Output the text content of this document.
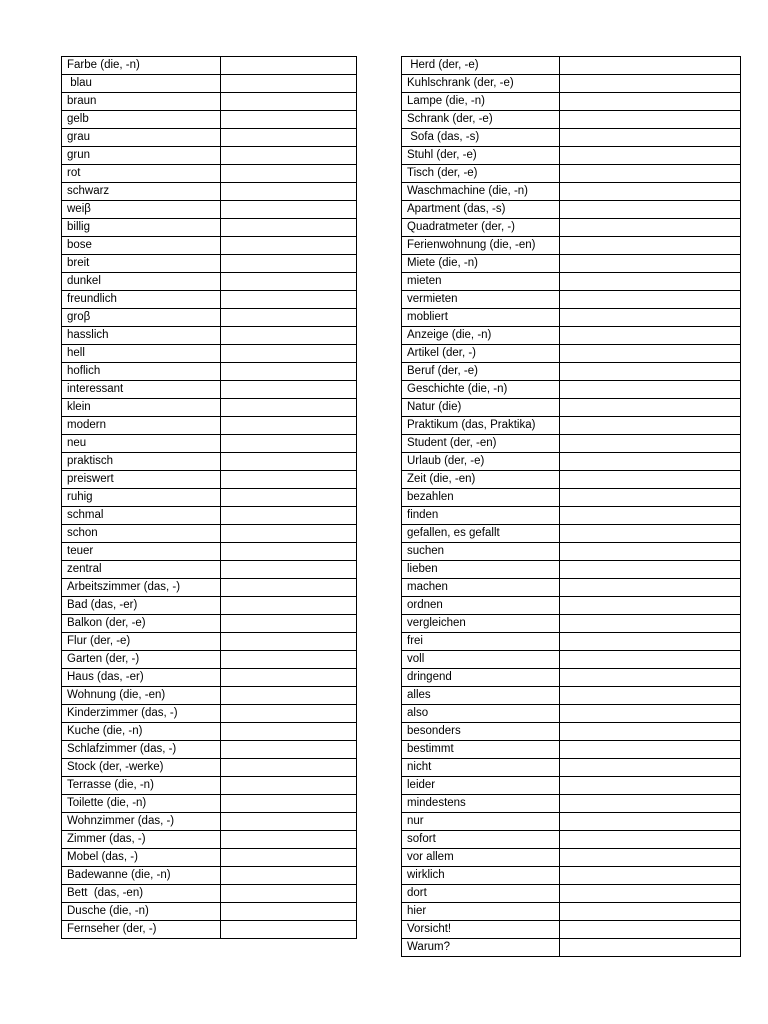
Farbe (die, -n)	
blau	
braun	
gelb	
grau	
grun	
rot	
schwarz	
weiβ	
billig	
bose	
breit	
dunkel	
freundlich	
groβ	
hasslich	
hell	
hoflich	
interessant	
klein	
modern	
neu	
praktisch	
preiswert	
ruhig	
schmal	
schon	
teuer	
zentral	
Arbeitszimmer (das, -)	
Bad (das, -er)	
Balkon (der, -e)	
Flur (der, -e)	
Garten (der, -)	
Haus (das, -er)	
Wohnung (die, -en)	
Kinderzimmer (das, -)	
Kuche (die, -n)	
Schlafzimmer (das, -)	
Stock (der, -werke)	
Terrasse (die, -n)	
Toilette (die, -n)	
Wohnzimmer (das, -)	
Zimmer (das, -)	
Mobel (das, -)	
Badewanne (die, -n)	
Bett  (das, -en)	
Dusche (die, -n)	
Fernseher (der, -)	
Herd (der, -e)	
Kuhlschrank (der, -e)	
Lampe (die, -n)	
Schrank (der, -e)	
Sofa (das, -s)	
Stuhl (der, -e)	
Tisch (der, -e)	
Waschmachine (die, -n)	
Apartment (das, -s)	
Quadratmeter (der, -)	
Ferienwohnung (die, -en)	
Miete (die, -n)	
mieten	
vermieten	
mobliert	
Anzeige (die, -n)	
Artikel (der, -)	
Beruf (der, -e)	
Geschichte (die, -n)	
Natur (die)	
Praktikum (das, Praktika)	
Student (der, -en)	
Urlaub (der, -e)	
Zeit (die, -en)	
bezahlen	
finden	
gefallen, es gefallt	
suchen	
lieben	
machen	
ordnen	
vergleichen	
frei	
voll	
dringend	
alles	
also	
besonders	
bestimmt	
nicht	
leider	
mindestens	
nur	
sofort	
vor allem	
wirklich	
dort	
hier	
Vorsicht!	
Warum?	
